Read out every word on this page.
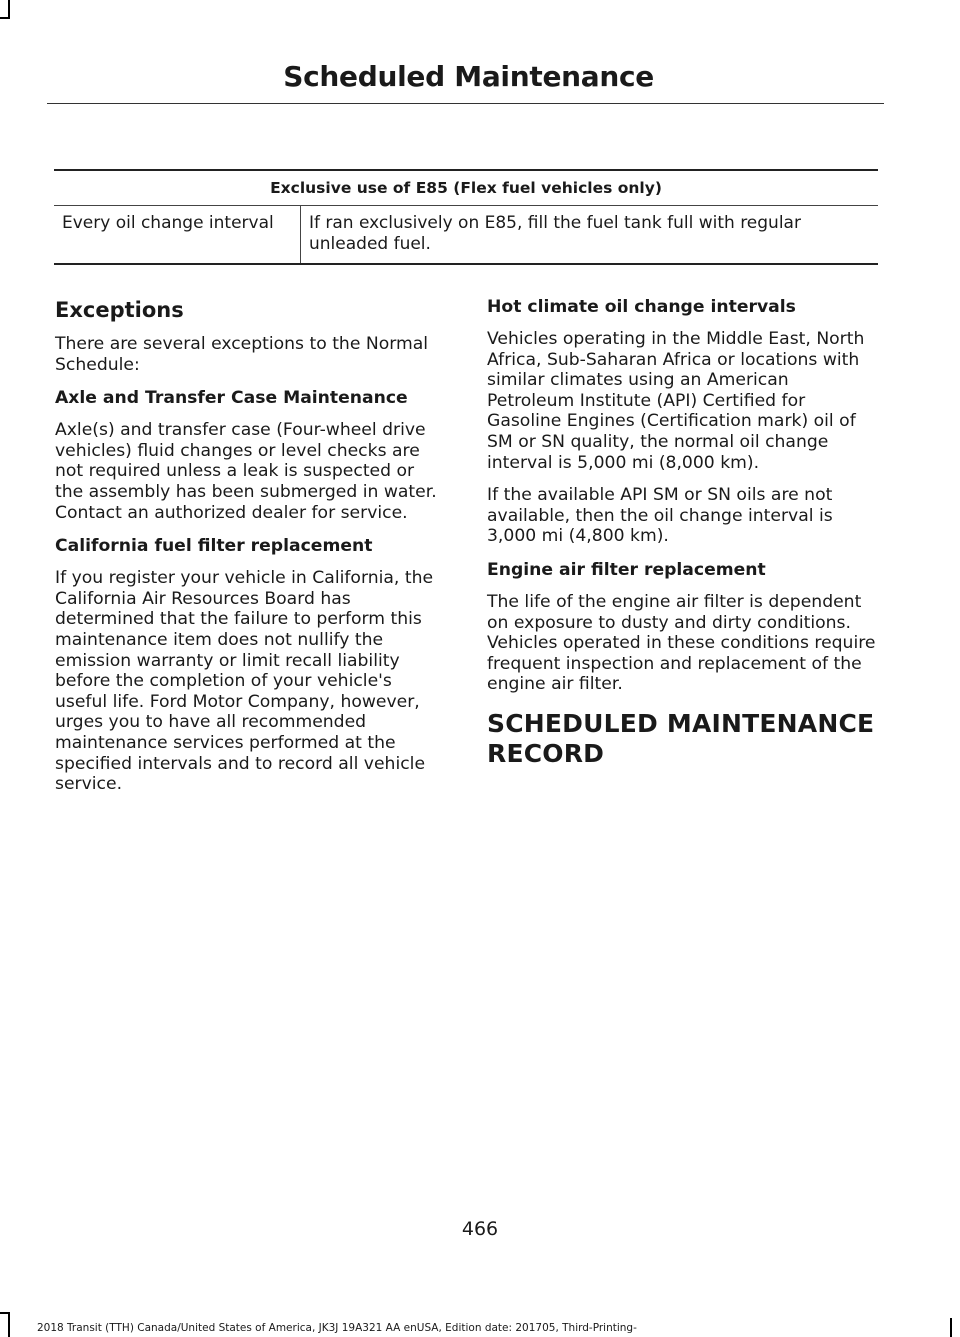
Scheduled Maintenance
Exclusive use of E85 (Flex fuel vehicles only)
Every oil change interval	If ran exclusively on E85, fill the fuel tank full with regular unleaded fuel.
Exceptions

There are several exceptions to the Normal Schedule:

Axle and Transfer Case Maintenance

Axle(s) and transfer case (Four-wheel drive vehicles) fluid changes or level checks are not required unless a leak is suspected or the assembly has been submerged in water. Contact an authorized dealer for service.

California fuel filter replacement

If you register your vehicle in California, the California Air Resources Board has determined that the failure to perform this maintenance item does not nullify the emission warranty or limit recall liability before the completion of your vehicle's useful life. Ford Motor Company, however, urges you to have all recommended maintenance services performed at the specified intervals and to record all vehicle service.

Hot climate oil change intervals

Vehicles operating in the Middle East, North Africa, Sub-Saharan Africa or locations with similar climates using an American Petroleum Institute (API) Certified for Gasoline Engines (Certification mark) oil of SM or SN quality, the normal oil change interval is 5,000 mi (8,000 km).

If the available API SM or SN oils are not available, then the oil change interval is 3,000 mi (4,800 km).

Engine air filter replacement

The life of the engine air filter is dependent on exposure to dusty and dirty conditions. Vehicles operated in these conditions require frequent inspection and replacement of the engine air filter.

SCHEDULED MAINTENANCE RECORD
466
2018 Transit (TTH) Canada/United States of America, JK3J 19A321 AA enUSA, Edition date: 201705, Third-Printing-
